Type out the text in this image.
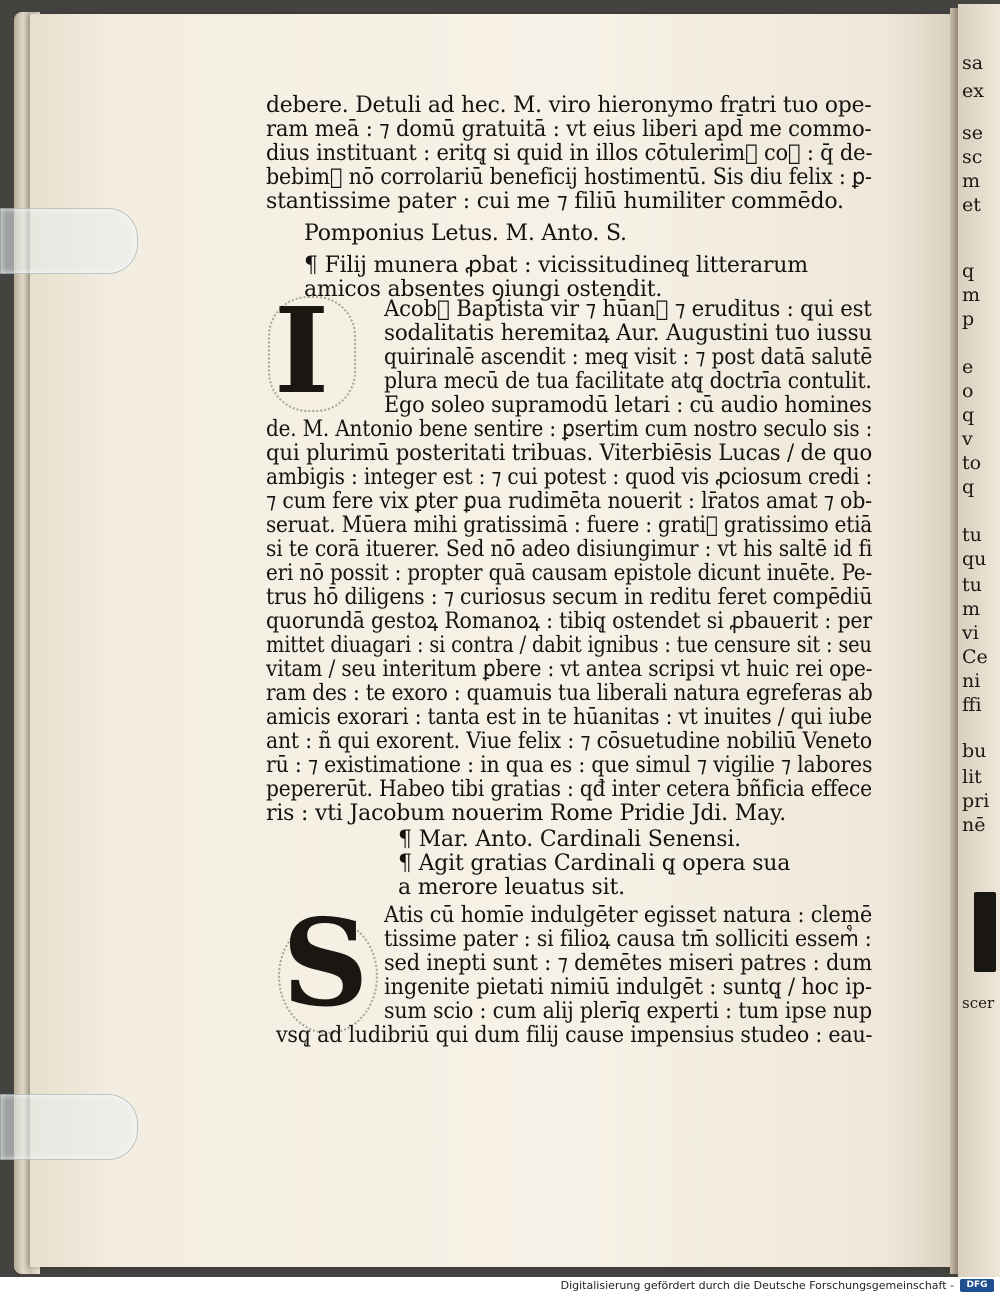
sa
ex
se
sc
m
et
q
m
p
e
o
q
v
to
q
tu
qu
tu
m
vi
Ce
ni
ffi
bu
lit
pri
nē
scer
debere. Detuli ad hec. M. viro hieronymo fratri tuo ope-
ram meā : ⁊ domū gratuitā : vt eius liberi apd̄ me commo-
dius instituant : eritq̨ si quid in illos cōtulerim᷒ coꝝ : q̄ de-
bebim᷒ nō corrolariū beneficij hostimentū. Sis diu felix : ꝑ-
stantissime pater : cui me ⁊ filiū humiliter commēdo.
Pomponius Letus. M. Anto. S.
¶ Filij munera ꝓbat : vicissitudineq̨ litterarum
amicos absentes ꝯiungi ostendit.
I Acob᷒ Baptista vir ⁊ hūan᷒ ⁊ eruditus : qui est
sodalitatis heremitaꝝ Aur. Augustini tuo iussu
quirinalē ascendit : meq̨ visit : ⁊ post datā salutē
plura mecū de tua facilitate atq̨ doctrīa contulit.
Ego soleo supramodū letari : cū audio homines
de. M. Antonio bene sentire : ꝑsertim cum nostro seculo sis :
qui plurimū posteritati tribuas. Viterbiēsis Lucas / de quo
ambigis : integer est : ⁊ cui potest : quod vis ꝓciosum credi :
⁊ cum fere vix ꝑter ꝑua rudimēta nouerit : lr̄atos amat ⁊ ob-
seruat. Mūera mihi gratissimā : fuere : grati᷒ gratissimo etiā
si te corā ituerer. Sed nō adeo disiungimur : vt his saltē id fi
eri nō possit : propter quā causam epistole dicunt inuēte. Pe-
trus hō diligens : ⁊ curiosus secum in reditu feret compēdiū
quorundā gestoꝝ Romanoꝝ : tibiq̨ ostendet si ꝓbauerit : per
mittet diuagari : si contra / dabit ignibus : tue censure sit : seu
vitam / seu interitum ꝑbere : vt antea scripsi vt huic rei ope-
ram des : te exoro : quamuis tua liberali natura egreferas ab
amicis exorari : tanta est in te hūanitas : vt inuites / qui iube
ant : ñ qui exorent. Viue felix : ⁊ cōsuetudine nobiliū Veneto
rū : ⁊ existimatione : in qua es : que simul ⁊ vigilie ⁊ labores
pepererūt. Habeo tibi gratias : qđ inter cetera bñficia effece
ris : vti Jacobum nouerim Rome Pridie Jdi. May.
¶ Mar. Anto. Cardinali Senensi.
¶ Agit gratias Cardinali q̨ opera sua
a merore leuatus sit.
S Atis cū homīe indulgēter egisset natura : clemē
tissime pater : si filioꝝ causa tm̄ solliciti essem᷒ :
sed inepti sunt : ⁊ demētes miseri patres : dum
ingenite pietati nimiū indulgēt : suntq̨ / hoc ip-
sum scio : cum alij plerīq̨ experti : tum ipse nup
vsq̨ ad ludibriū qui dum filij cause impensius studeo : eau-
Digitalisierung gefördert durch die Deutsche Forschungsgemeinschaft -	DFG
